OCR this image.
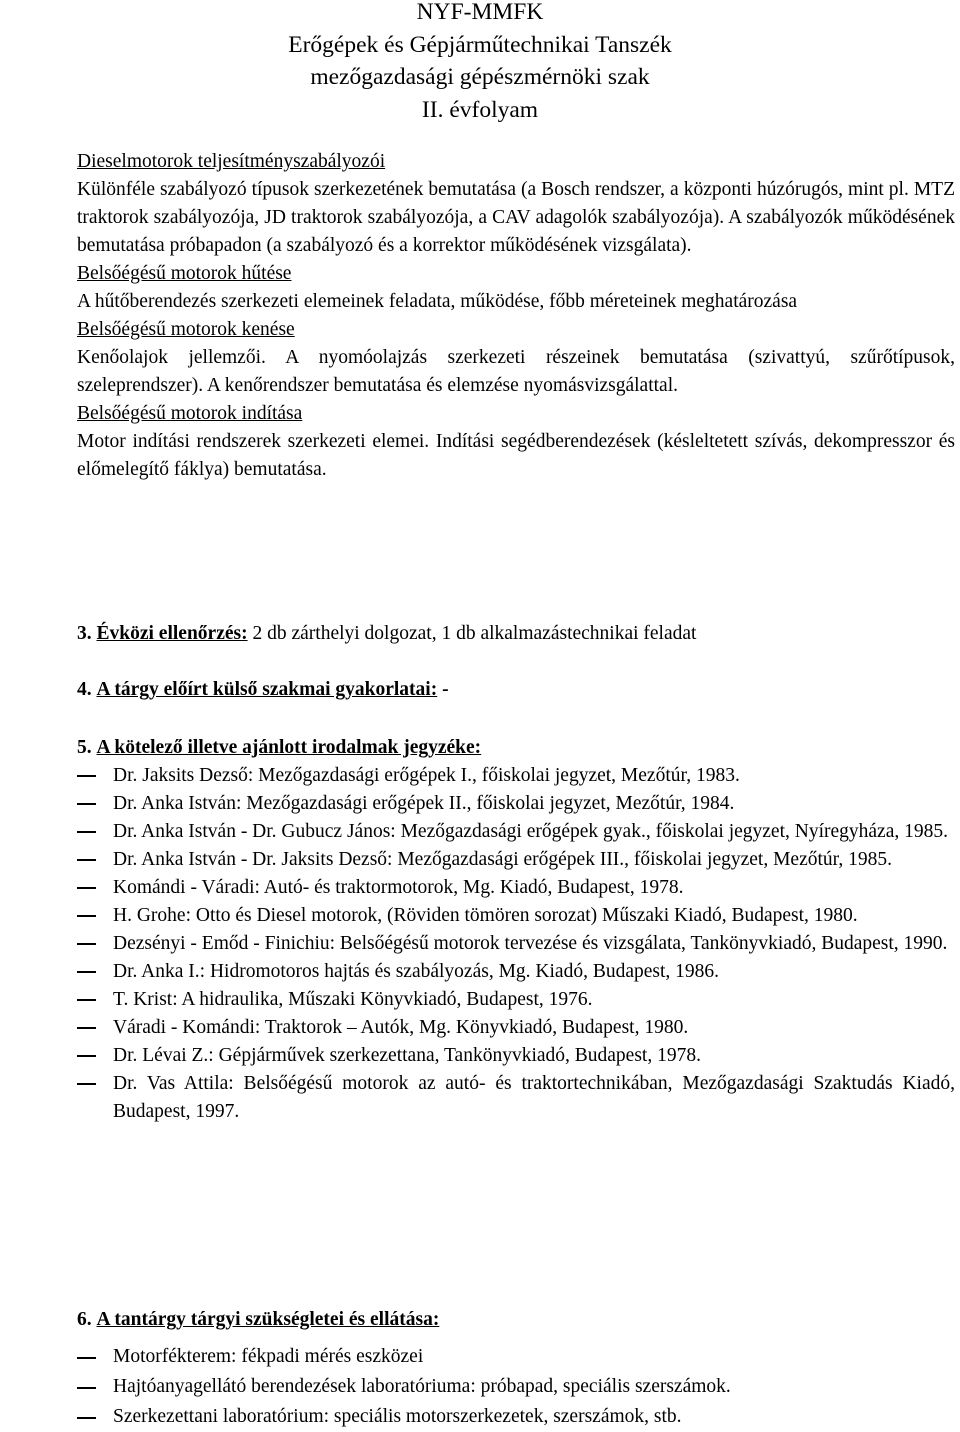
NYF-MMFK
Erőgépek és Gépjárműtechnikai Tanszék
mezőgazdasági gépészmérnöki szak
II. évfolyam
Dieselmotorok teljesítményszabályozói

Különféle szabályozó típusok szerkezetének bemutatása (a Bosch rendszer, a központi húzórugós, mint pl. MTZ traktorok szabályozója, JD traktorok szabályozója, a CAV adagolók szabályozója). A szabályozók működésének bemutatása próbapadon (a szabályozó és a korrektor működésének vizsgálata).

Belsőégésű motorok hűtése

A hűtőberendezés szerkezeti elemeinek feladata, működése, főbb méreteinek meghatározása

Belsőégésű motorok kenése

Kenőolajok jellemzői. A nyomóolajzás szerkezeti részeinek bemutatása (szivattyú, szűrőtípusok, szeleprendszer). A kenőrendszer bemutatása és elemzése nyomásvizsgálattal.

Belsőégésű motorok indítása

Motor indítási rendszerek szerkezeti elemei. Indítási segédberendezések (késleltetett szívás, dekompresszor és előmelegítő fáklya) bemutatása.

3. Évközi ellenőrzés: 2 db zárthelyi dolgozat, 1 db alkalmazástechnikai feladat
4. A tárgy előírt külső szakmai gyakorlatai: -
5. A kötelező illetve ajánlott irodalmak jegyzéke:
Dr. Jaksits Dezső: Mezőgazdasági erőgépek I., főiskolai jegyzet, Mezőtúr, 1983.
Dr. Anka István: Mezőgazdasági erőgépek II., főiskolai jegyzet, Mezőtúr, 1984.
Dr. Anka István - Dr. Gubucz János: Mezőgazdasági erőgépek gyak., főiskolai jegyzet, Nyíregyháza, 1985.
Dr. Anka István - Dr. Jaksits Dezső: Mezőgazdasági erőgépek III., főiskolai jegyzet, Mezőtúr, 1985.
Komándi - Váradi: Autó- és traktormotorok, Mg. Kiadó, Budapest, 1978.
H. Grohe: Otto és Diesel motorok, (Röviden tömören sorozat) Műszaki Kiadó, Budapest, 1980.
Dezsényi - Emőd - Finichiu: Belsőégésű motorok tervezése és vizsgálata, Tankönyvkiadó, Budapest, 1990.
Dr. Anka I.: Hidromotoros hajtás és szabályozás, Mg. Kiadó, Budapest, 1986.
T. Krist: A hidraulika, Műszaki Könyvkiadó, Budapest, 1976.
Váradi - Komándi: Traktorok – Autók, Mg. Könyvkiadó, Budapest, 1980.
Dr. Lévai Z.: Gépjárművek szerkezettana, Tankönyvkiadó, Budapest, 1978.
Dr. Vas Attila: Belsőégésű motorok az autó- és traktortechnikában, Mezőgazdasági Szaktudás Kiadó, Budapest, 1997.
6. A tantárgy tárgyi szükségletei és ellátása:
Motorfékterem: fékpadi mérés eszközei
Hajtóanyagellátó berendezések laboratóriuma: próbapad, speciális szerszámok.
Szerkezettani laboratórium: speciális motorszerkezetek, szerszámok, stb.
